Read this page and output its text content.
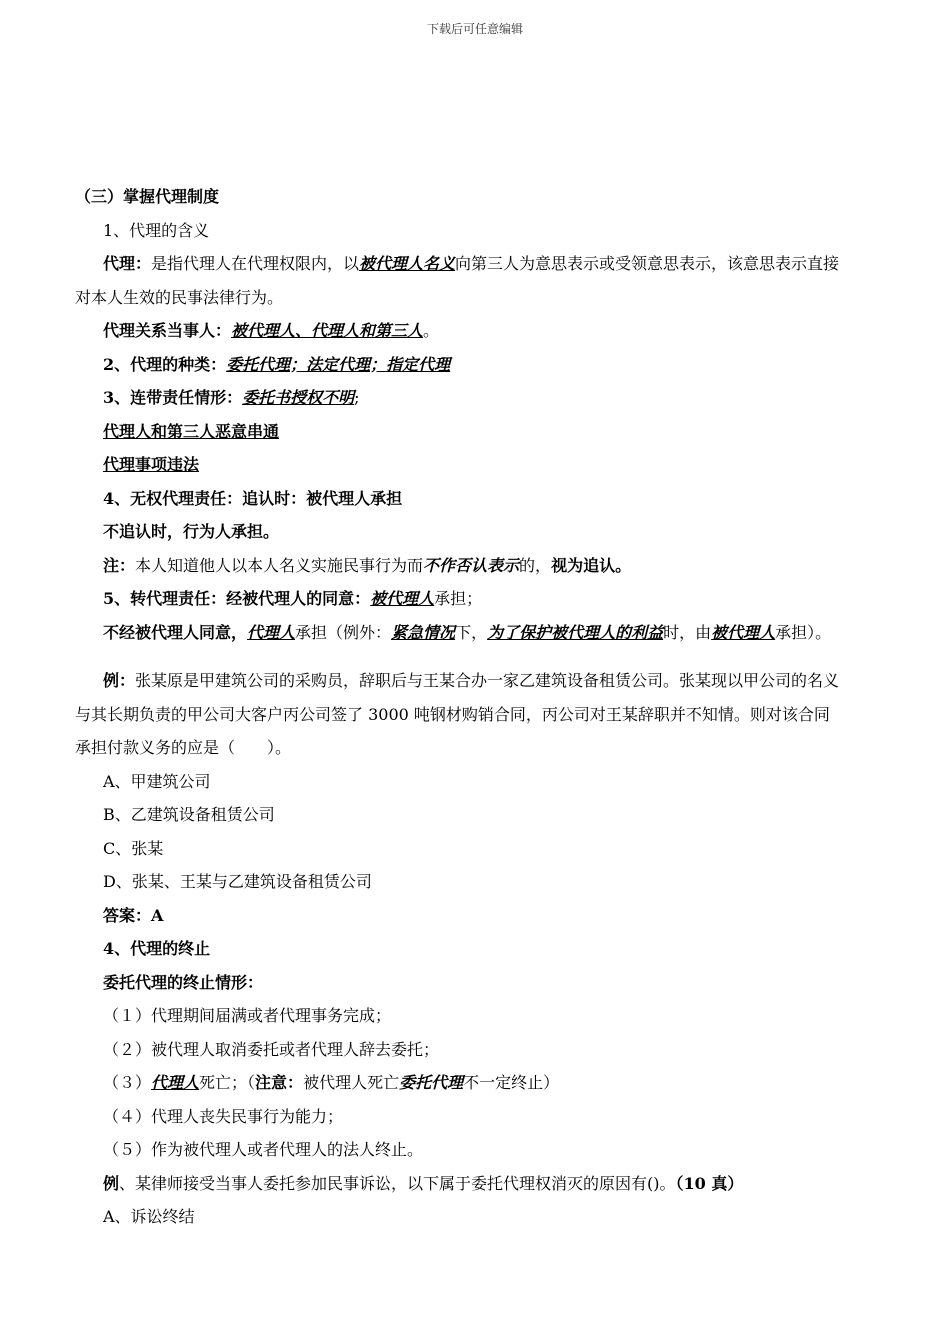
下载后可任意编辑
（三）掌握代理制度
1、代理的含义
代理：是指代理人在代理权限内，以被代理人名义向第三人为意思表示或受领意思表示，该意思表示直接对本人生效的民事法律行为。
代理关系当事人：被代理人、代理人和第三人。
2、代理的种类：委托代理；法定代理；指定代理
3、连带责任情形：委托书授权不明;
代理人和第三人恶意串通
代理事项违法
4、无权代理责任：追认时：被代理人承担
不追认时，行为人承担。
注：本人知道他人以本人名义实施民事行为而不作否认表示的，视为追认。
5、转代理责任：经被代理人的同意：被代理人承担；
不经被代理人同意，代理人承担（例外：紧急情况下，为了保护被代理人的利益时，由被代理人承担）。
例：张某原是甲建筑公司的采购员，辞职后与王某合办一家乙建筑设备租赁公司。张某现以甲公司的名义与其长期负责的甲公司大客户丙公司签了 3000 吨钢材购销合同，丙公司对王某辞职并不知情。则对该合同承担付款义务的应是（　　）。
A、甲建筑公司
B、乙建筑设备租赁公司
C、张某
D、张某、王某与乙建筑设备租赁公司
答案：A
4、代理的终止
委托代理的终止情形：
（１）代理期间届满或者代理事务完成；
（２）被代理人取消委托或者代理人辞去委托；
（３）代理人死亡；（注意：被代理人死亡委托代理不一定终止）
（４）代理人丧失民事行为能力；
（５）作为被代理人或者代理人的法人终止。
例、某律师接受当事人委托参加民事诉讼，以下属于委托代理权消灭的原因有()。（10 真）
A、诉讼终结
